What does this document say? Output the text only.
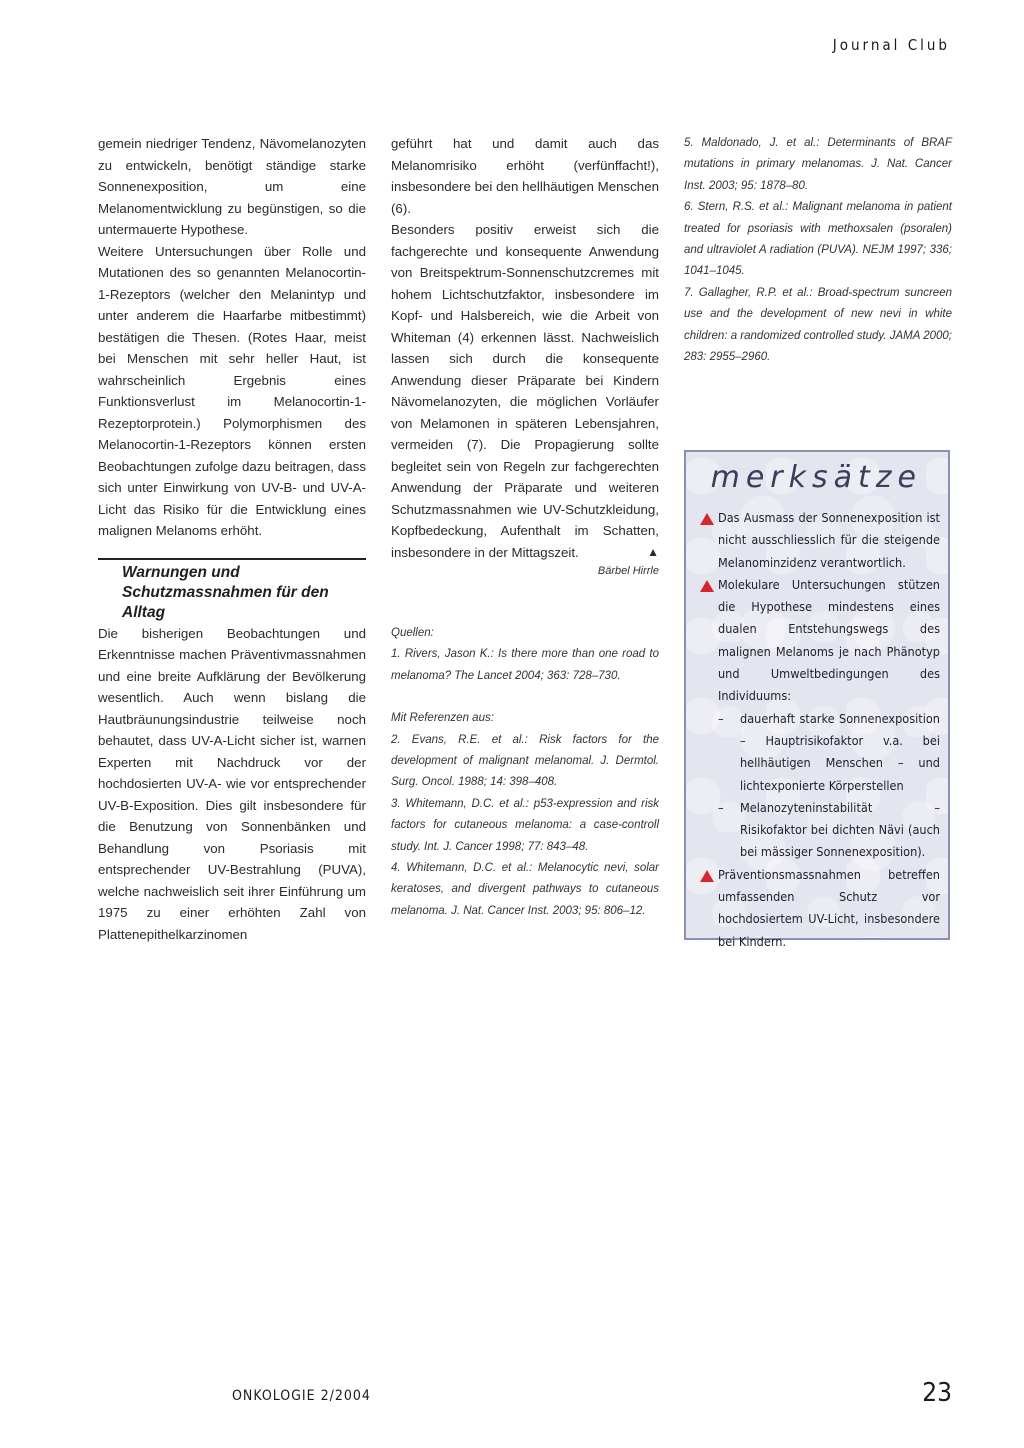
Journal Club

gemein niedriger Tendenz, Nävomelanozyten zu entwickeln, benötigt ständige starke Sonnenexposition, um eine Melanomentwicklung zu begünstigen, so die untermauerte Hypothese.

Weitere Untersuchungen über Rolle und Mutationen des so genannten Melanocortin-1-Rezeptors (welcher den Melanintyp und unter anderem die Haarfarbe mitbestimmt) bestätigen die Thesen. (Rotes Haar, meist bei Menschen mit sehr heller Haut, ist wahrscheinlich Ergebnis eines Funktionsverlust im Melanocortin-1-Rezeptorprotein.) Polymorphismen des Melanocortin-1-Rezeptors können ersten Beobachtungen zufolge dazu beitragen, dass sich unter Einwirkung von UV-B- und UV-A-Licht das Risiko für die Entwicklung eines malignen Melanoms erhöht.

Warnungen und Schutzmassnahmen für den Alltag

Die bisherigen Beobachtungen und Erkenntnisse machen Präventivmassnahmen und eine breite Aufklärung der Bevölkerung wesentlich. Auch wenn bislang die Hautbräunungsindustrie teilweise noch behautet, dass UV-A-Licht sicher ist, warnen Experten mit Nachdruck vor der hochdosierten UV-A- wie vor entsprechender UV-B-Exposition. Dies gilt insbesondere für die Benutzung von Sonnenbänken und Behandlung von Psoriasis mit entsprechender UV-Bestrahlung (PUVA), welche nachweislich seit ihrer Einführung um 1975 zu einer erhöhten Zahl von Plattenepithelkarzinomen

geführt hat und damit auch das Melanomrisiko erhöht (verfünffacht!), insbesondere bei den hellhäutigen Menschen (6).

Besonders positiv erweist sich die fachgerechte und konsequente Anwendung von Breitspektrum-Sonnenschutzcremes mit hohem Lichtschutzfaktor, insbesondere im Kopf- und Halsbereich, wie die Arbeit von Whiteman (4) erkennen lässt. Nachweislich lassen sich durch die konsequente Anwendung dieser Präparate bei Kindern Nävomelanozyten, die möglichen Vorläufer von Melamonen in späteren Lebensjahren, vermeiden (7). Die Propagierung sollte begleitet sein von Regeln zur fachgerechten Anwendung der Präparate und weiteren Schutzmassnahmen wie UV-Schutzkleidung, Kopfbedeckung, Aufenthalt im Schatten, insbesondere in der Mittagszeit.	▲

Bärbel Hirrle

Quellen:

1. Rivers, Jason K.: Is there more than one road to melanoma? The Lancet 2004; 363: 728–730.

Mit Referenzen aus:

2. Evans, R.E. et al.: Risk factors for the development of malignant melanomal. J. Dermtol. Surg. Oncol. 1988; 14: 398–408.

3. Whitemann, D.C. et al.: p53-expression and risk factors for cutaneous melanoma: a case-controll study. Int. J. Cancer 1998; 77: 843–48.

4. Whitemann, D.C. et al.: Melanocytic nevi, solar keratoses, and divergent pathways to cutaneous melanoma. J. Nat. Cancer Inst. 2003; 95: 806–12.

5. Maldonado, J. et al.: Determinants of BRAF mutations in primary melanomas. J. Nat. Cancer Inst. 2003; 95: 1878–80.

6. Stern, R.S. et al.: Malignant melanoma in patient treated for psoriasis with methoxsalen (psoralen) and ultraviolet A radiation (PUVA). NEJM 1997; 336; 1041–1045.

7. Gallagher, R.P. et al.: Broad-spectrum suncreen use and the development of new nevi in white children: a randomized controlled study. JAMA 2000; 283: 2955–2960.

merksätze
Das Ausmass der Sonnenexposition ist nicht ausschliesslich für die steigende Melanominzidenz verantwortlich.
Molekulare Untersuchungen stützen die Hypothese mindestens eines dualen Entstehungswegs des malignen Melanoms je nach Phänotyp und Umweltbedingungen des Individuums:
– dauerhaft starke Sonnenexposition – Hauptrisikofaktor v.a. bei hellhäutigen Menschen – und lichtexponierte Körperstellen
– Melanozyteninstabilität – Risikofaktor bei dichten Nävi (auch bei mässiger Sonnenexposition).
Präventionsmassnahmen betreffen umfassenden Schutz vor hochdosiertem UV-Licht, insbesondere bei Kindern.
ONKOLOGIE 2/2004	23
